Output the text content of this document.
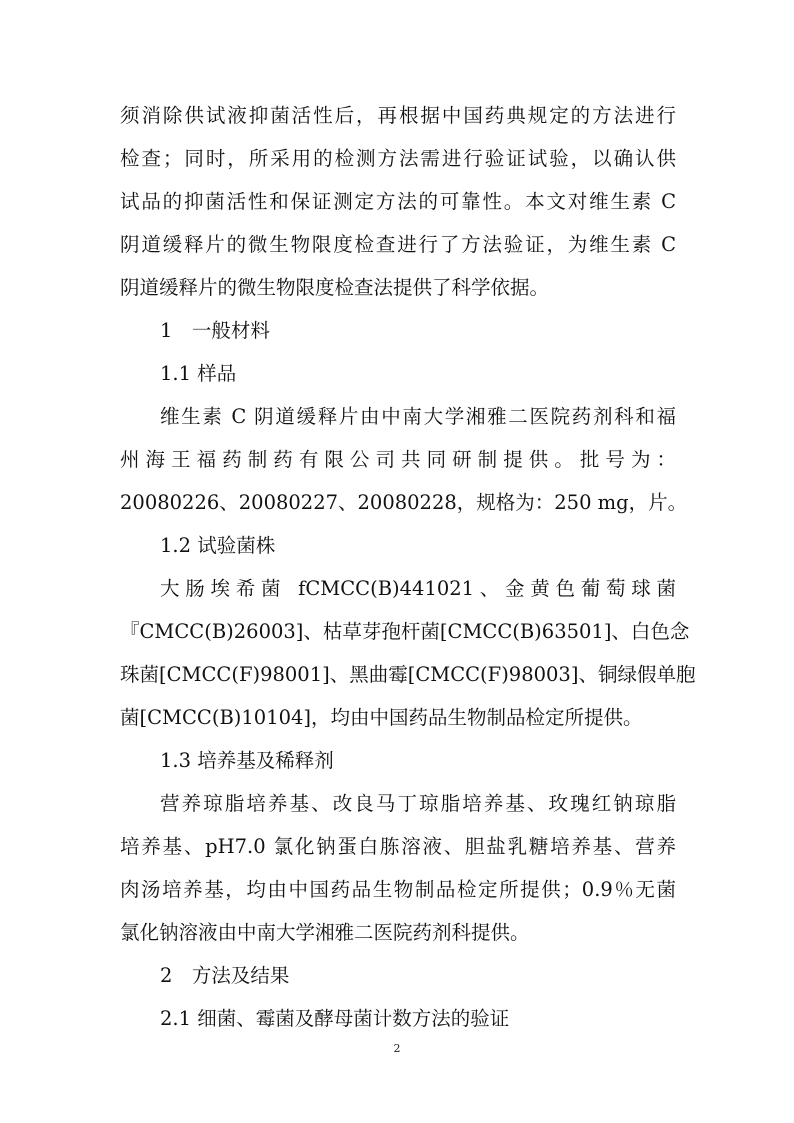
须消除供试液抑菌活性后，再根据中国药典规定的方法进行
检查；同时，所采用的检测方法需进行验证试验，以确认供
试品的抑菌活性和保证测定方法的可靠性。本文对维生素 C
阴道缓释片的微生物限度检查进行了方法验证，为维生素 C
阴道缓释片的微生物限度检查法提供了科学依据。
1　一般材料
1.1 样品
维生素 C 阴道缓释片由中南大学湘雅二医院药剂科和福
州海王福药制药有限公司共同研制提供。批号为：
20080226、20080227、20080228，规格为：250 mg，片。
1.2 试验菌株
大肠埃希菌 fCMCC(B)441021、金黄色葡萄球菌
『CMCC(B)26003]、枯草芽孢杆菌[CMCC(B)63501]、白色念
珠菌[CMCC(F)98001]、黑曲霉[CMCC(F)98003]、铜绿假单胞
菌[CMCC(B)10104]，均由中国药品生物制品检定所提供。
1.3 培养基及稀释剂
营养琼脂培养基、改良马丁琼脂培养基、玫瑰红钠琼脂
培养基、pH7.0 氯化钠蛋白胨溶液、胆盐乳糖培养基、营养
肉汤培养基，均由中国药品生物制品检定所提供；0.9％无菌
氯化钠溶液由中南大学湘雅二医院药剂科提供。
2　方法及结果
2.1 细菌、霉菌及酵母菌计数方法的验证
2
